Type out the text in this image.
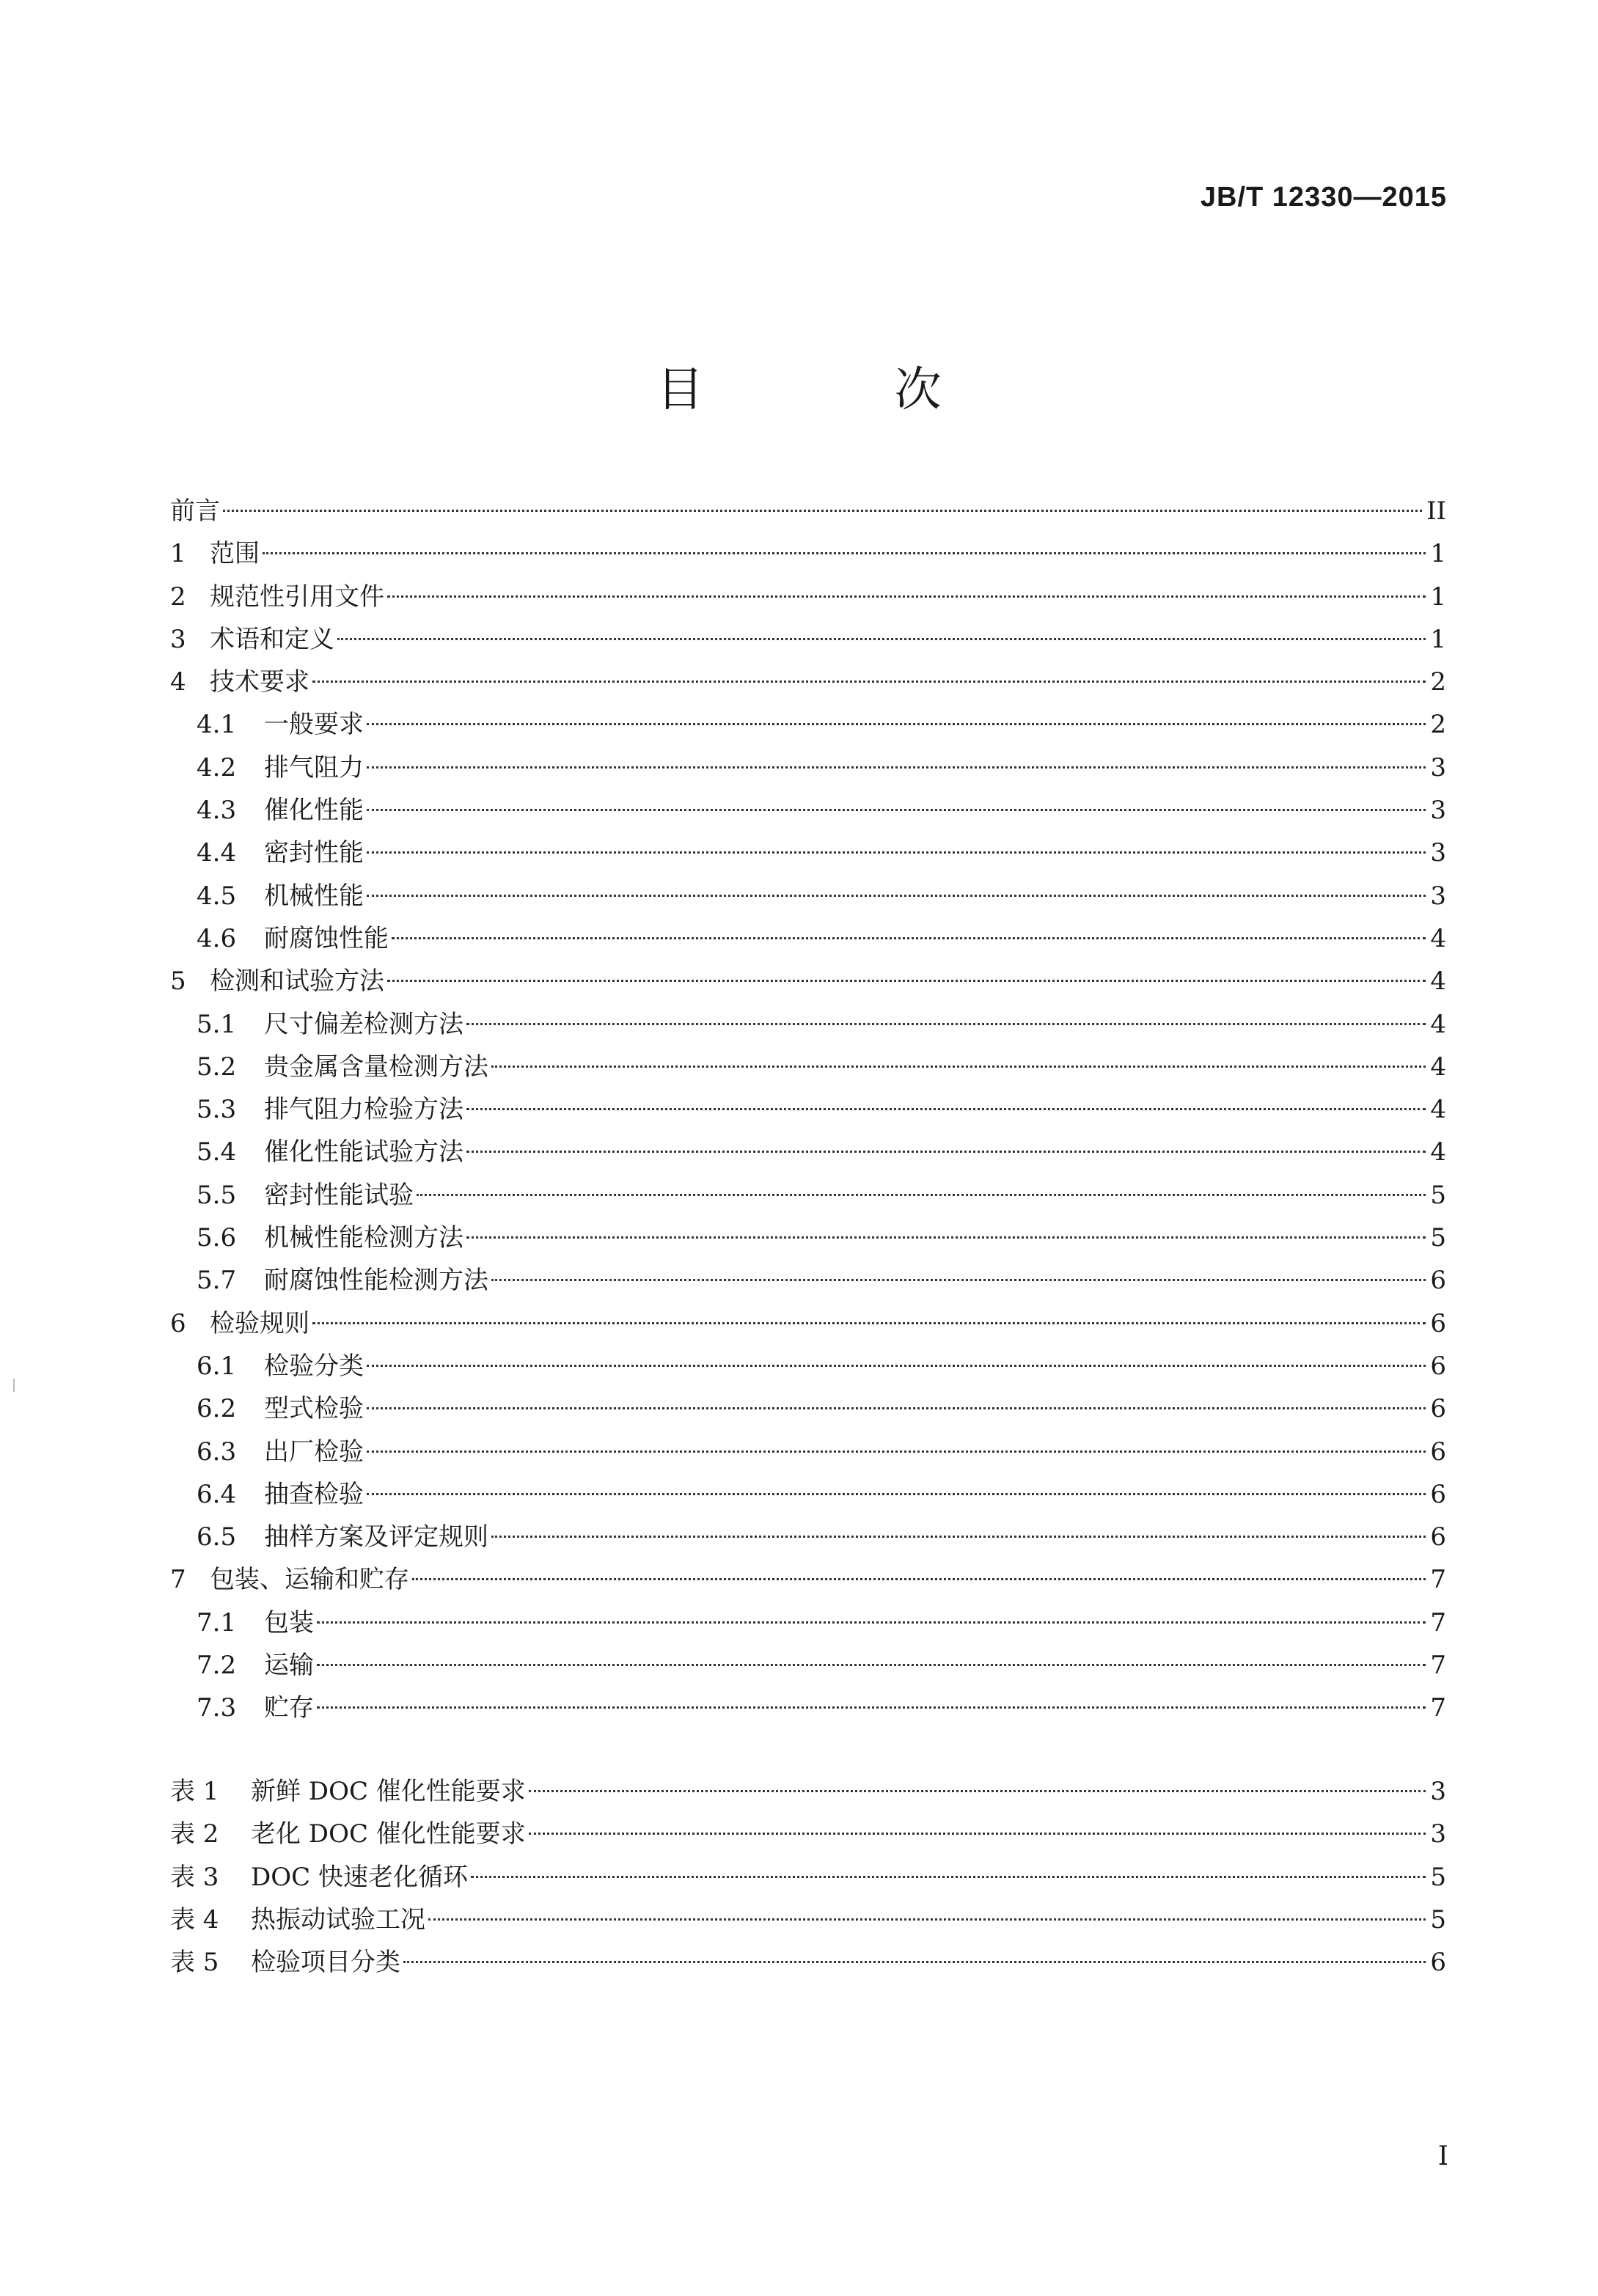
JB/T 12330—2015
目 次
前言	II
1 范围	1
2 规范性引用文件	1
3 术语和定义	1
4 技术要求	2
4.1	一般要求	2
4.2	排气阻力	3
4.3	催化性能	3
4.4	密封性能	3
4.5	机械性能	3
4.6	耐腐蚀性能	4
5 检测和试验方法	4
5.1	尺寸偏差检测方法	4
5.2	贵金属含量检测方法	4
5.3	排气阻力检验方法	4
5.4	催化性能试验方法	4
5.5	密封性能试验	5
5.6	机械性能检测方法	5
5.7	耐腐蚀性能检测方法	6
6 检验规则	6
6.1	检验分类	6
6.2	型式检验	6
6.3	出厂检验	6
6.4	抽查检验	6
6.5	抽样方案及评定规则	6
7 包装、运输和贮存	7
7.1	包装	7
7.2	运输	7
7.3	贮存	7
表 1	新鲜 DOC 催化性能要求	3
表 2	老化 DOC 催化性能要求	3
表 3	DOC 快速老化循环	5
表 4	热振动试验工况	5
表 5	检验项目分类	6
I
